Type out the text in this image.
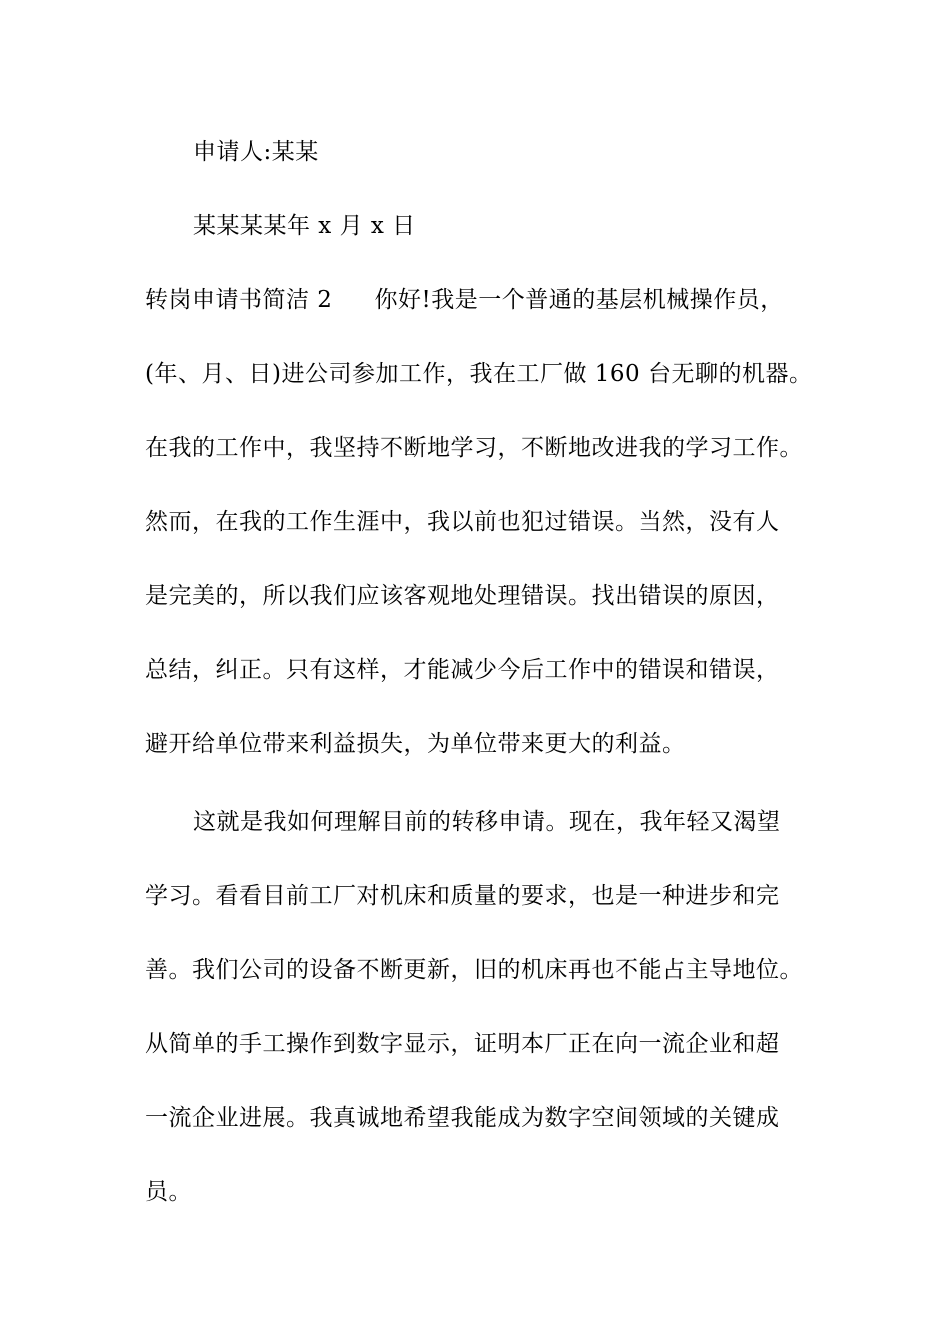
申请人:某某
某某某某年 x 月 x 日
转岗申请书简洁 2 你好!我是一个普通的基层机械操作员，
(年、月、日)进公司参加工作，我在工厂做 160 台无聊的机器。
在我的工作中，我坚持不断地学习，不断地改进我的学习工作。
然而，在我的工作生涯中，我以前也犯过错误。当然，没有人
是完美的，所以我们应该客观地处理错误。找出错误的原因，
总结，纠正。只有这样，才能减少今后工作中的错误和错误，
避开给单位带来利益损失，为单位带来更大的利益。
这就是我如何理解目前的转移申请。现在，我年轻又渴望
学习。看看目前工厂对机床和质量的要求，也是一种进步和完
善。我们公司的设备不断更新，旧的机床再也不能占主导地位。
从简单的手工操作到数字显示，证明本厂正在向一流企业和超
一流企业进展。我真诚地希望我能成为数字空间领域的关键成
员。
